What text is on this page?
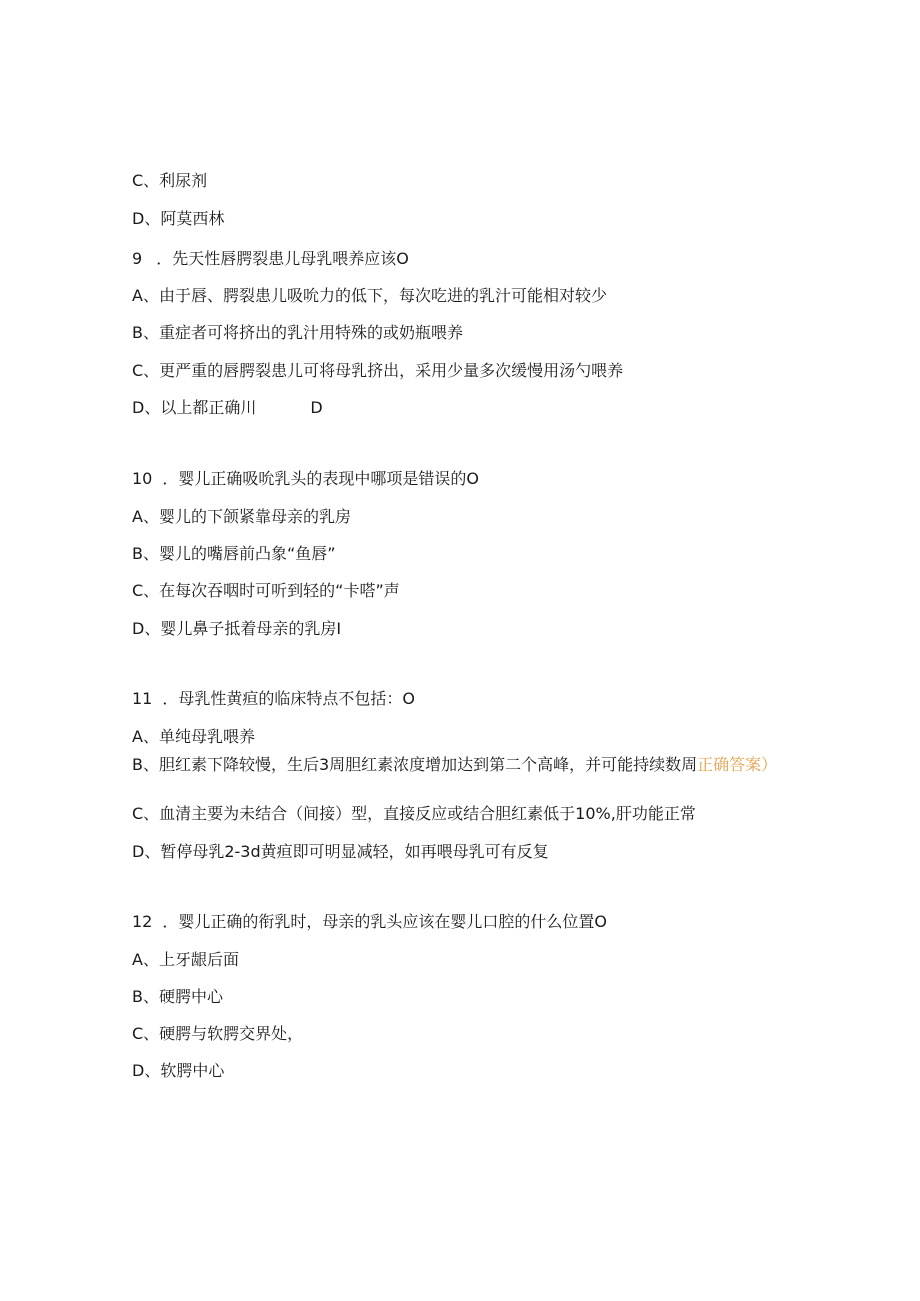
C、利尿剂
D、阿莫西林
9 ．先天性唇腭裂患儿母乳喂养应该O
A、由于唇、腭裂患儿吸吮力的低下，每次吃进的乳汁可能相对较少
B、重症者可将挤出的乳汁用特殊的或奶瓶喂养
C、更严重的唇腭裂患儿可将母乳挤出，采用少量多次缓慢用汤勺喂养
D、以上都正确川	D
10 ．婴儿正确吸吮乳头的表现中哪项是错误的O
A、婴儿的下颌紧靠母亲的乳房
B、婴儿的嘴唇前凸象“鱼唇”
C、在每次吞咽时可听到轻的“卡嗒”声
D、婴儿鼻子抵着母亲的乳房I
11 ．母乳性黄疸的临床特点不包括：O
A、单纯母乳喂养
B、胆红素下降较慢，生后3周胆红素浓度增加达到第二个高峰，并可能持续数周正确答案）
C、血清主要为未结合（间接）型，直接反应或结合胆红素低于10%,肝功能正常
D、暂停母乳2-3d黄疸即可明显减轻，如再喂母乳可有反复
12 ．婴儿正确的衔乳时，母亲的乳头应该在婴儿口腔的什么位置O
A、上牙龈后面
B、硬腭中心
C、硬腭与软腭交界处，
D、软腭中心
